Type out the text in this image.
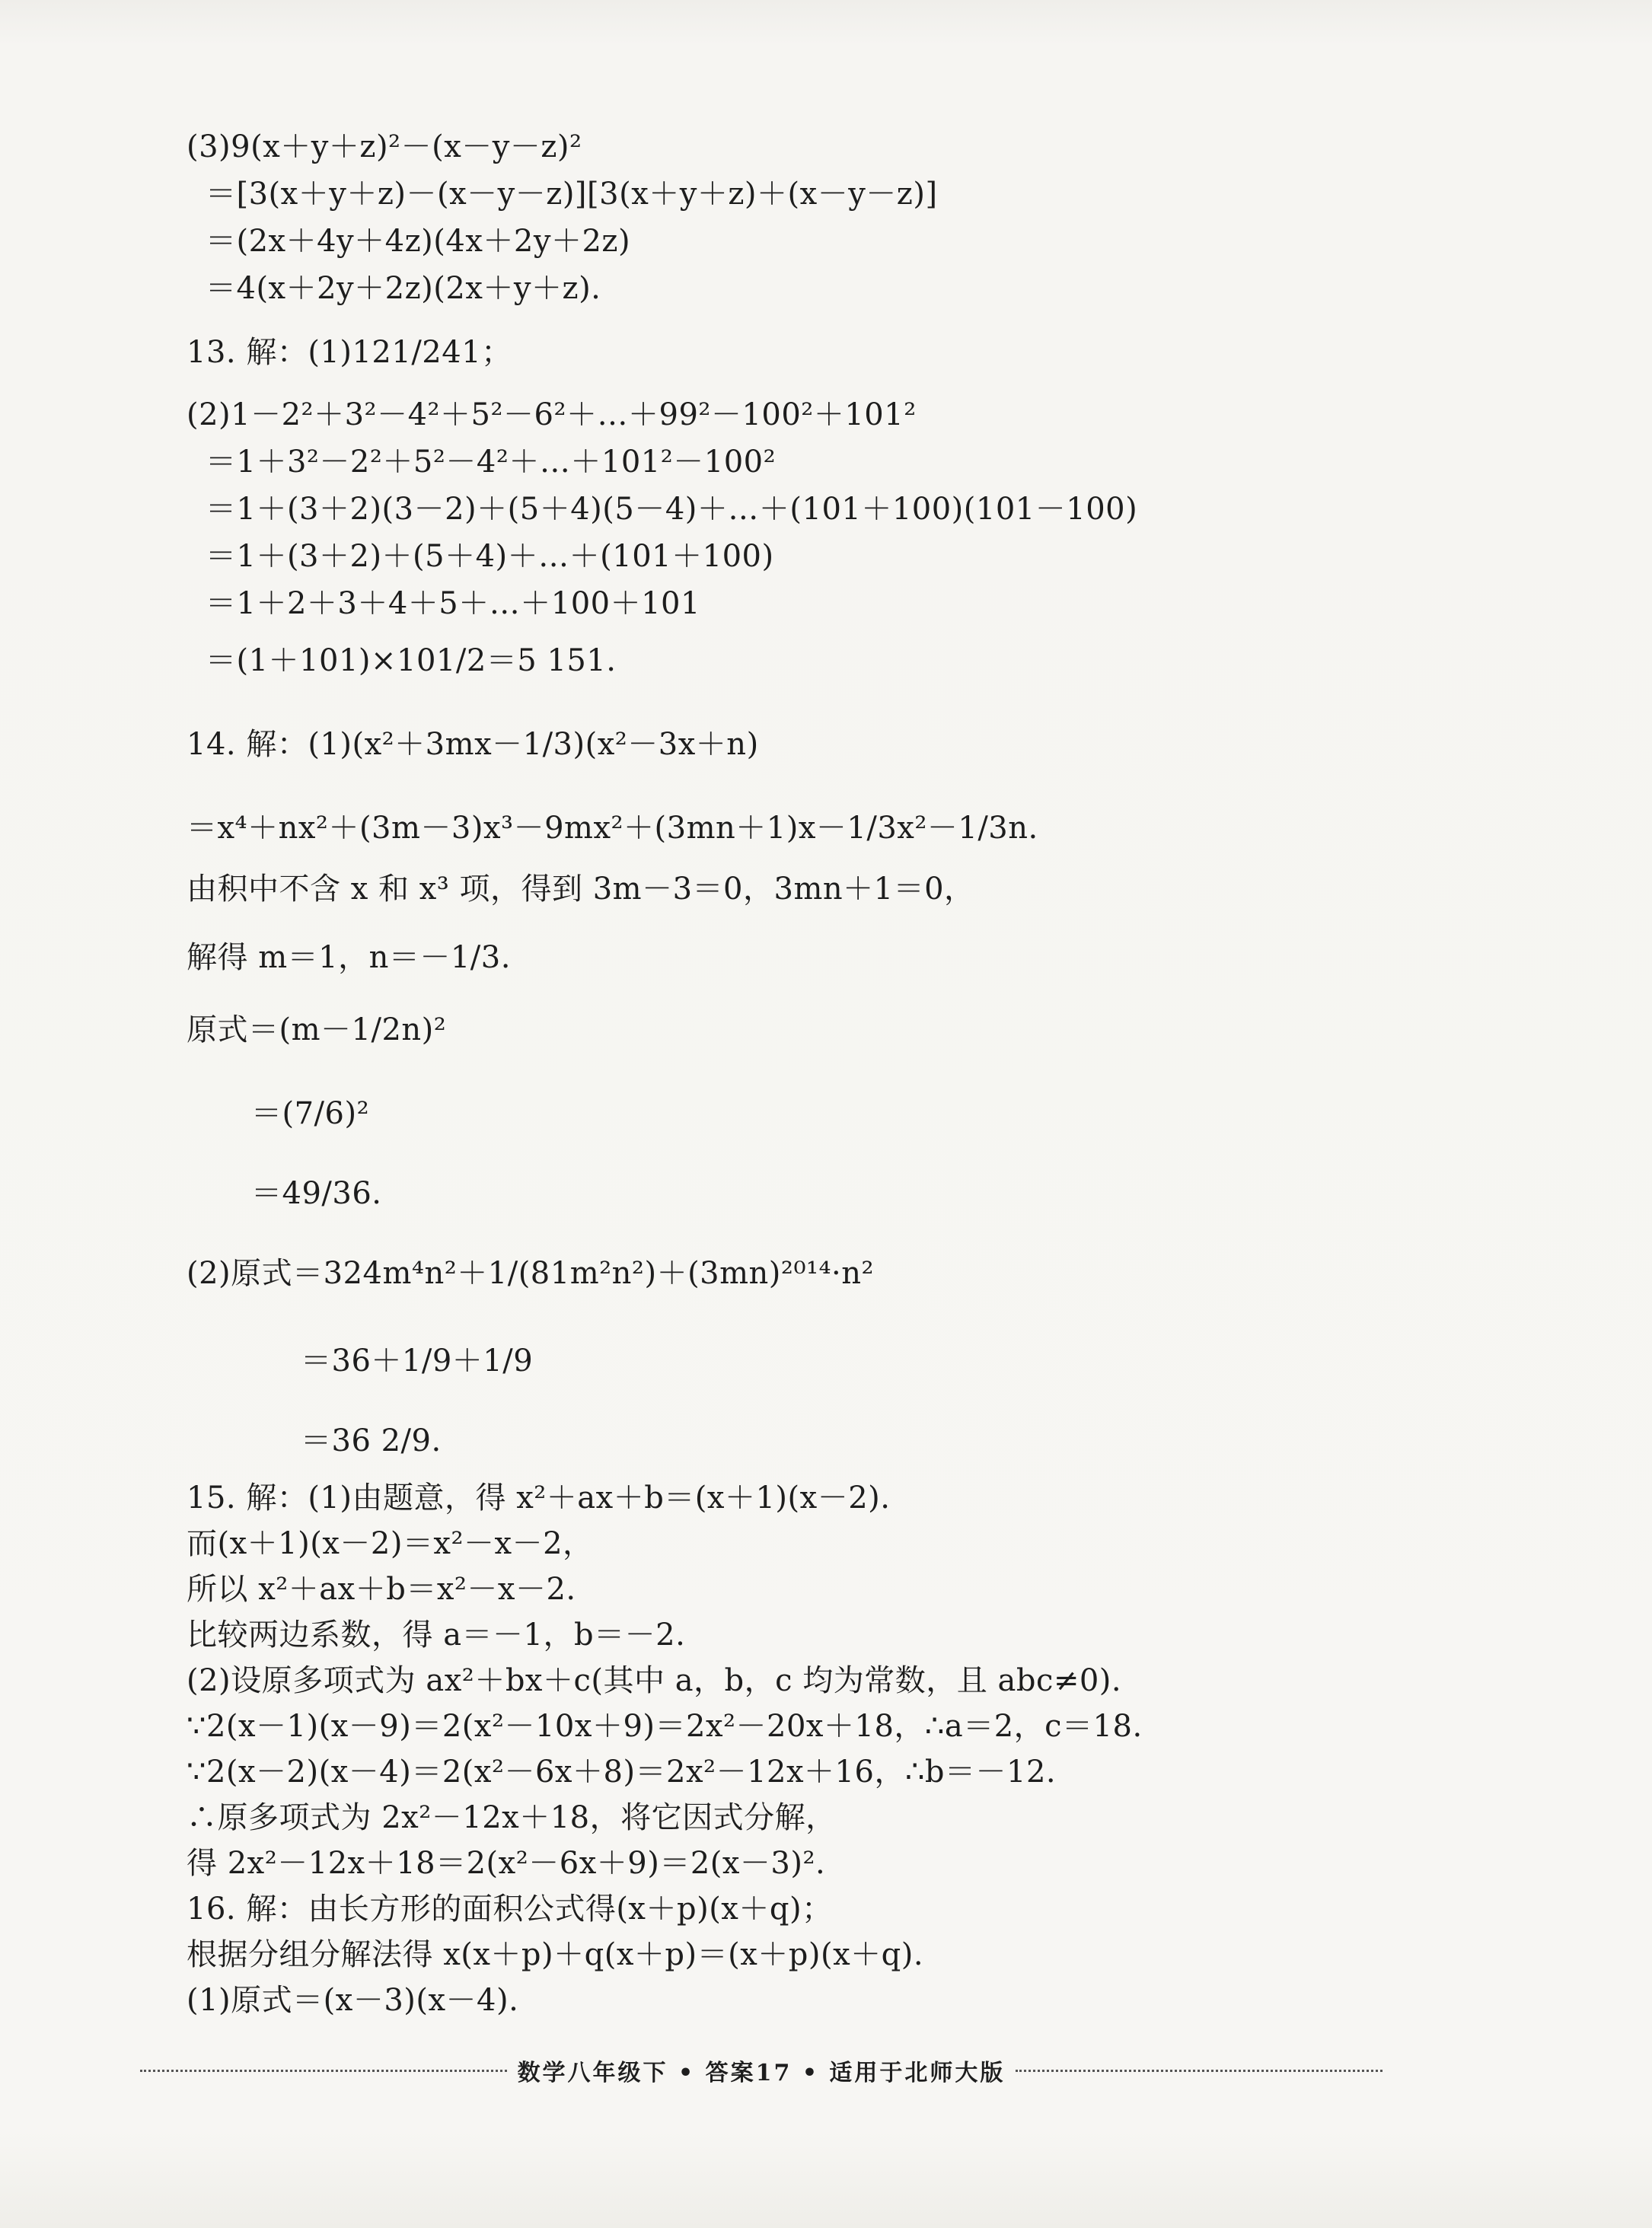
(3)9(x＋y＋z)²－(x－y－z)²
＝[3(x＋y＋z)－(x－y－z)][3(x＋y＋z)＋(x－y－z)]
＝(2x＋4y＋4z)(4x＋2y＋2z)
＝4(x＋2y＋2z)(2x＋y＋z).
13. 解：(1)121/241；
(2)1－2²＋3²－4²＋5²－6²＋…＋99²－100²＋101²
＝1＋3²－2²＋5²－4²＋…＋101²－100²
＝1＋(3＋2)(3－2)＋(5＋4)(5－4)＋…＋(101＋100)(101－100)
＝1＋(3＋2)＋(5＋4)＋…＋(101＋100)
＝1＋2＋3＋4＋5＋…＋100＋101
＝(1＋101)×101/2＝5 151.
14. 解：(1)(x²＋3mx－1/3)(x²－3x＋n)
＝x⁴＋nx²＋(3m－3)x³－9mx²＋(3mn＋1)x－1/3x²－1/3n.
由积中不含 x 和 x³ 项，得到 3m－3＝0，3mn＋1＝0，
解得 m＝1，n＝－1/3.
原式＝(m－1/2n)²
＝(7/6)²
＝49/36.
(2)原式＝324m⁴n²＋1/(81m²n²)＋(3mn)²⁰¹⁴·n²
＝36＋1/9＋1/9
＝36 2/9.
15. 解：(1)由题意，得 x²＋ax＋b＝(x＋1)(x－2).
而(x＋1)(x－2)＝x²－x－2，
所以 x²＋ax＋b＝x²－x－2.
比较两边系数，得 a＝－1，b＝－2.
(2)设原多项式为 ax²＋bx＋c(其中 a，b，c 均为常数，且 abc≠0).
∵2(x－1)(x－9)＝2(x²－10x＋9)＝2x²－20x＋18，∴a＝2，c＝18.
∵2(x－2)(x－4)＝2(x²－6x＋8)＝2x²－12x＋16，∴b＝－12.
∴原多项式为 2x²－12x＋18，将它因式分解，
得 2x²－12x＋18＝2(x²－6x＋9)＝2(x－3)².
16. 解：由长方形的面积公式得(x＋p)(x＋q)；
根据分组分解法得 x(x＋p)＋q(x＋p)＝(x＋p)(x＋q).
(1)原式＝(x－3)(x－4).
数学八年级下 • 答案17 • 适用于北师大版
